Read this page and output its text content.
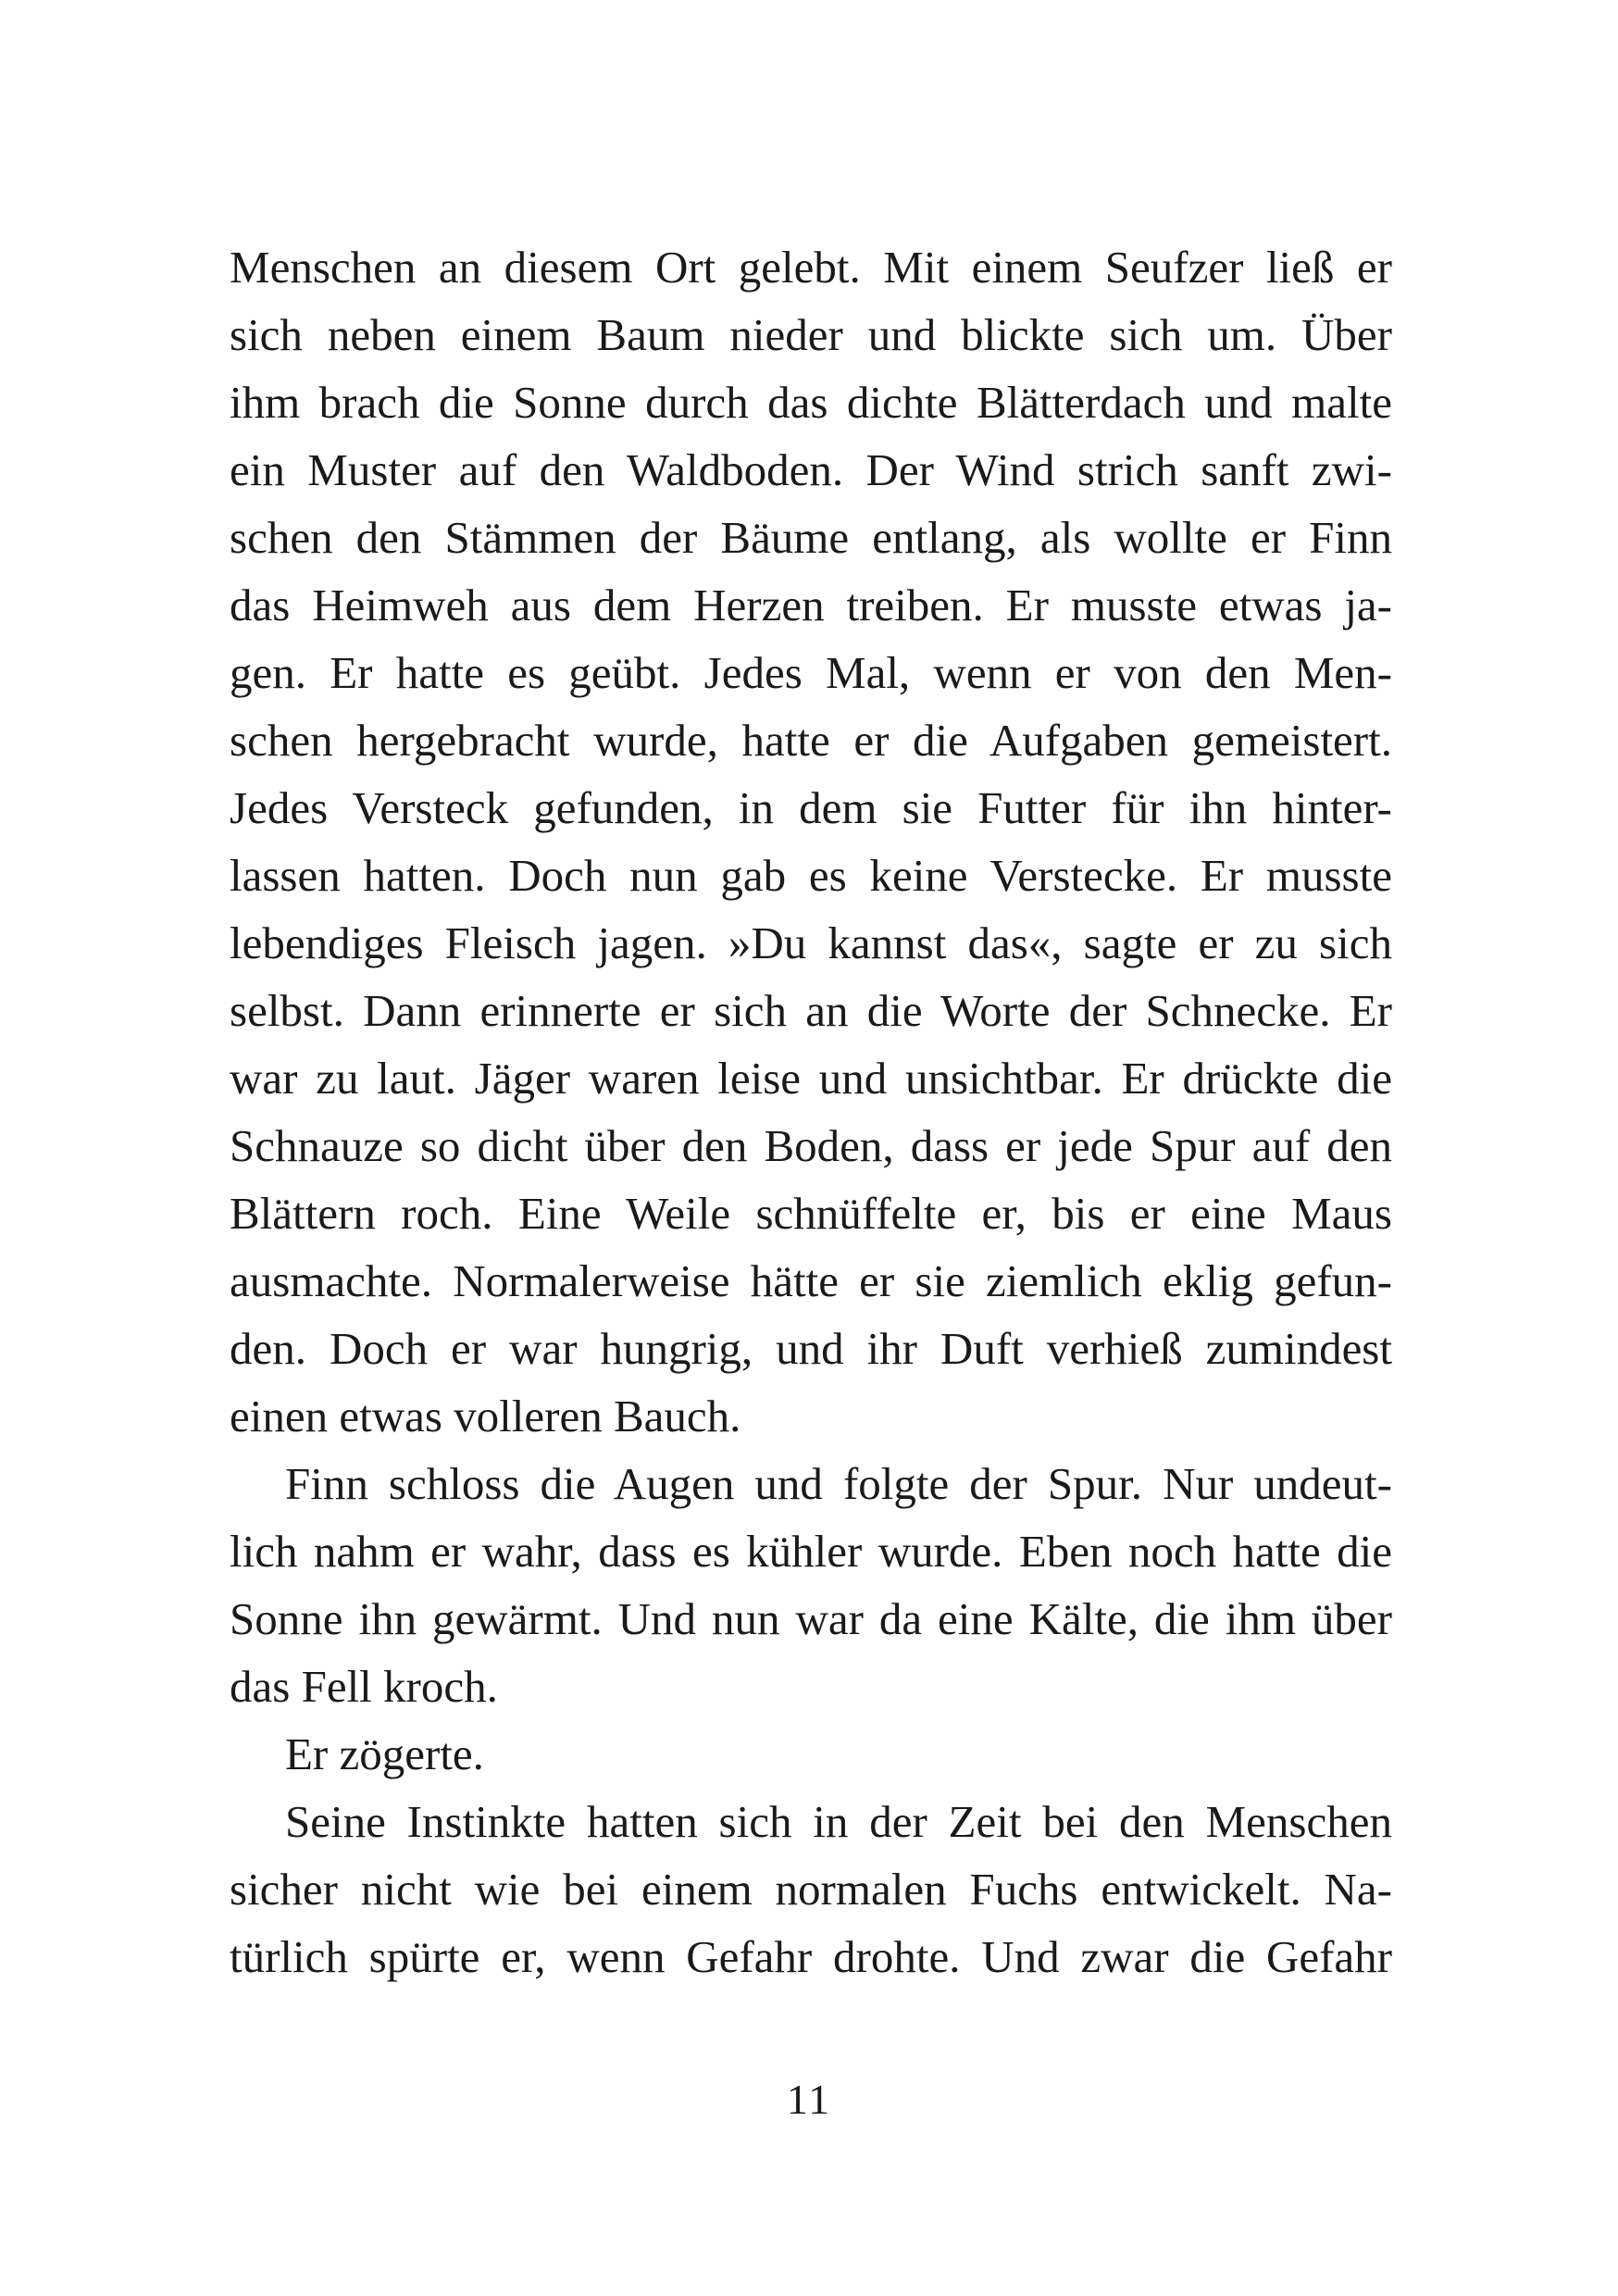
Menschen an diesem Ort gelebt. Mit einem Seufzer ließ er
sich neben einem Baum nieder und blickte sich um. Über
ihm brach die Sonne durch das dichte Blätterdach und malte
ein Muster auf den Waldboden. Der Wind strich sanft zwi-
schen den Stämmen der Bäume entlang, als wollte er Finn
das Heimweh aus dem Herzen treiben. Er musste etwas ja-
gen. Er hatte es geübt. Jedes Mal, wenn er von den Men-
schen hergebracht wurde, hatte er die Aufgaben gemeistert.
Jedes Versteck gefunden, in dem sie Futter für ihn hinter-
lassen hatten. Doch nun gab es keine Verstecke. Er musste
lebendiges Fleisch jagen. »Du kannst das«, sagte er zu sich
selbst. Dann erinnerte er sich an die Worte der Schnecke. Er
war zu laut. Jäger waren leise und unsichtbar. Er drückte die
Schnauze so dicht über den Boden, dass er jede Spur auf den
Blättern roch. Eine Weile schnüffelte er, bis er eine Maus
ausmachte. Normalerweise hätte er sie ziemlich eklig gefun-
den. Doch er war hungrig, und ihr Duft verhieß zumindest
einen etwas volleren Bauch.
Finn schloss die Augen und folgte der Spur. Nur undeut-
lich nahm er wahr, dass es kühler wurde. Eben noch hatte die
Sonne ihn gewärmt. Und nun war da eine Kälte, die ihm über
das Fell kroch.
Er zögerte.
Seine Instinkte hatten sich in der Zeit bei den Menschen
sicher nicht wie bei einem normalen Fuchs entwickelt. Na-
türlich spürte er, wenn Gefahr drohte. Und zwar die Gefahr
11
